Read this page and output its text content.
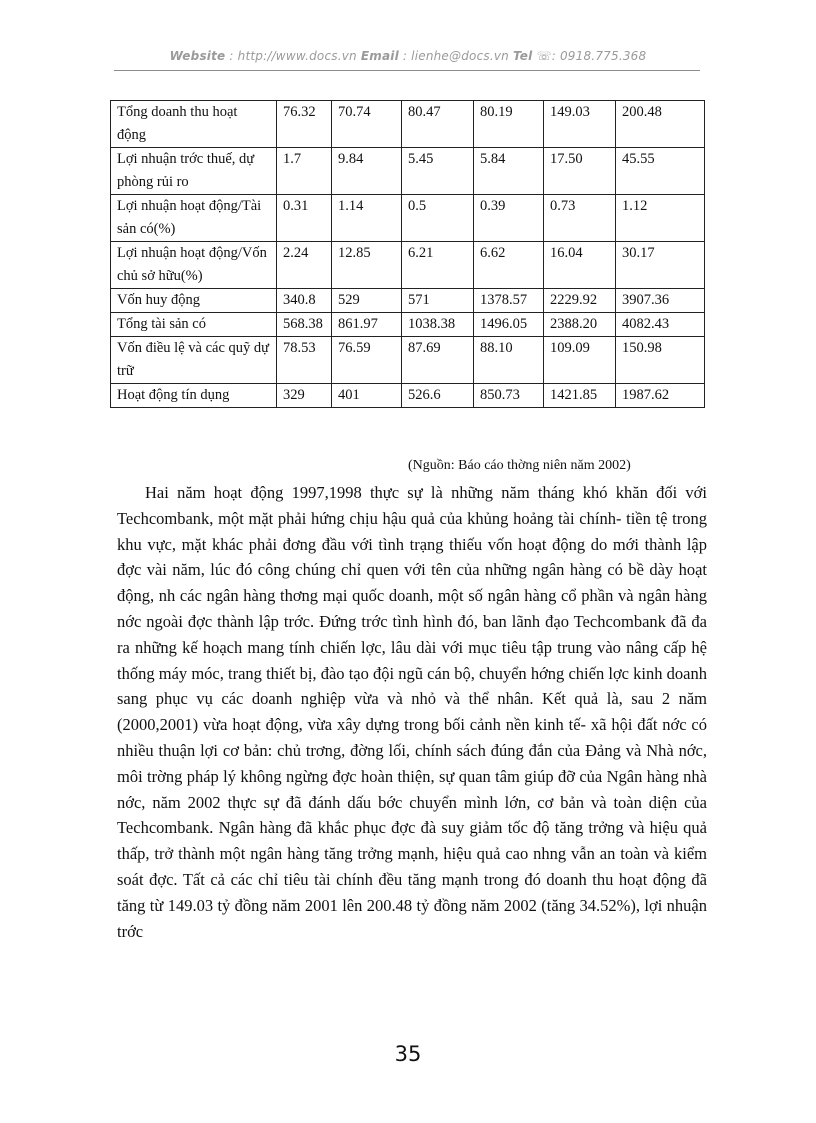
Website : http://www.docs.vn Email : lienhe@docs.vn Tel ☏: 0918.775.368
Tổng doanh thu hoạt động	76.32	70.74	80.47	80.19	149.03	200.48
Lợi nhuận trớc thuế, dự phòng rủi ro	1.7	9.84	5.45	5.84	17.50	45.55
Lợi nhuận hoạt động/Tài sản có(%)	0.31	1.14	0.5	0.39	0.73	1.12
Lợi nhuận hoạt động/Vốn chủ sở hữu(%)	2.24	12.85	6.21	6.62	16.04	30.17
Vốn huy động	340.8	529	571	1378.57	2229.92	3907.36
Tổng tài sản có	568.38	861.97	1038.38	1496.05	2388.20	4082.43
Vốn điều lệ và các quỹ dự trữ	78.53	76.59	87.69	88.10	109.09	150.98
Hoạt động tín dụng	329	401	526.6	850.73	1421.85	1987.62
(Nguồn: Báo cáo thờng niên năm 2002)

Hai năm hoạt động 1997,1998 thực sự là những năm tháng khó khăn đối với Techcombank, một mặt phải hứng chịu hậu quả của khủng hoảng tài chính- tiền tệ trong khu vực, mặt khác phải đơng đầu với tình trạng thiếu vốn hoạt động do mới thành lập đợc vài năm, lúc đó công chúng chỉ quen với tên của những ngân hàng có bề dày hoạt động, nh các ngân hàng thơng mại quốc doanh, một số ngân hàng cổ phần và ngân hàng nớc ngoài đợc thành lập trớc. Đứng trớc tình hình đó, ban lãnh đạo Techcombank đã đa ra những kế hoạch mang tính chiến lợc, lâu dài với mục tiêu tập trung vào nâng cấp hệ thống máy móc, trang thiết bị, đào tạo đội ngũ cán bộ, chuyển hớng chiến lợc kinh doanh sang phục vụ các doanh nghiệp vừa và nhỏ và thể nhân. Kết quả là, sau 2 năm (2000,2001) vừa hoạt động, vừa xây dựng trong bối cảnh nền kinh tế- xã hội đất nớc có nhiều thuận lợi cơ bản: chủ trơng, đờng lối, chính sách đúng đắn của Đảng và Nhà nớc, môi trờng pháp lý không ngừng đợc hoàn thiện, sự quan tâm giúp đỡ của Ngân hàng nhà nớc, năm 2002 thực sự đã đánh dấu bớc chuyển mình lớn, cơ bản và toàn diện của Techcombank. Ngân hàng đã khắc phục đợc đà suy giảm tốc độ tăng trởng và hiệu quả thấp, trở thành một ngân hàng tăng trởng mạnh, hiệu quả cao nhng vẫn an toàn và kiểm soát đợc. Tất cả các chỉ tiêu tài chính đều tăng mạnh trong đó doanh thu hoạt động đã tăng từ 149.03 tỷ đồng năm 2001 lên 200.48 tỷ đồng năm 2002 (tăng 34.52%), lợi nhuận trớc

35
